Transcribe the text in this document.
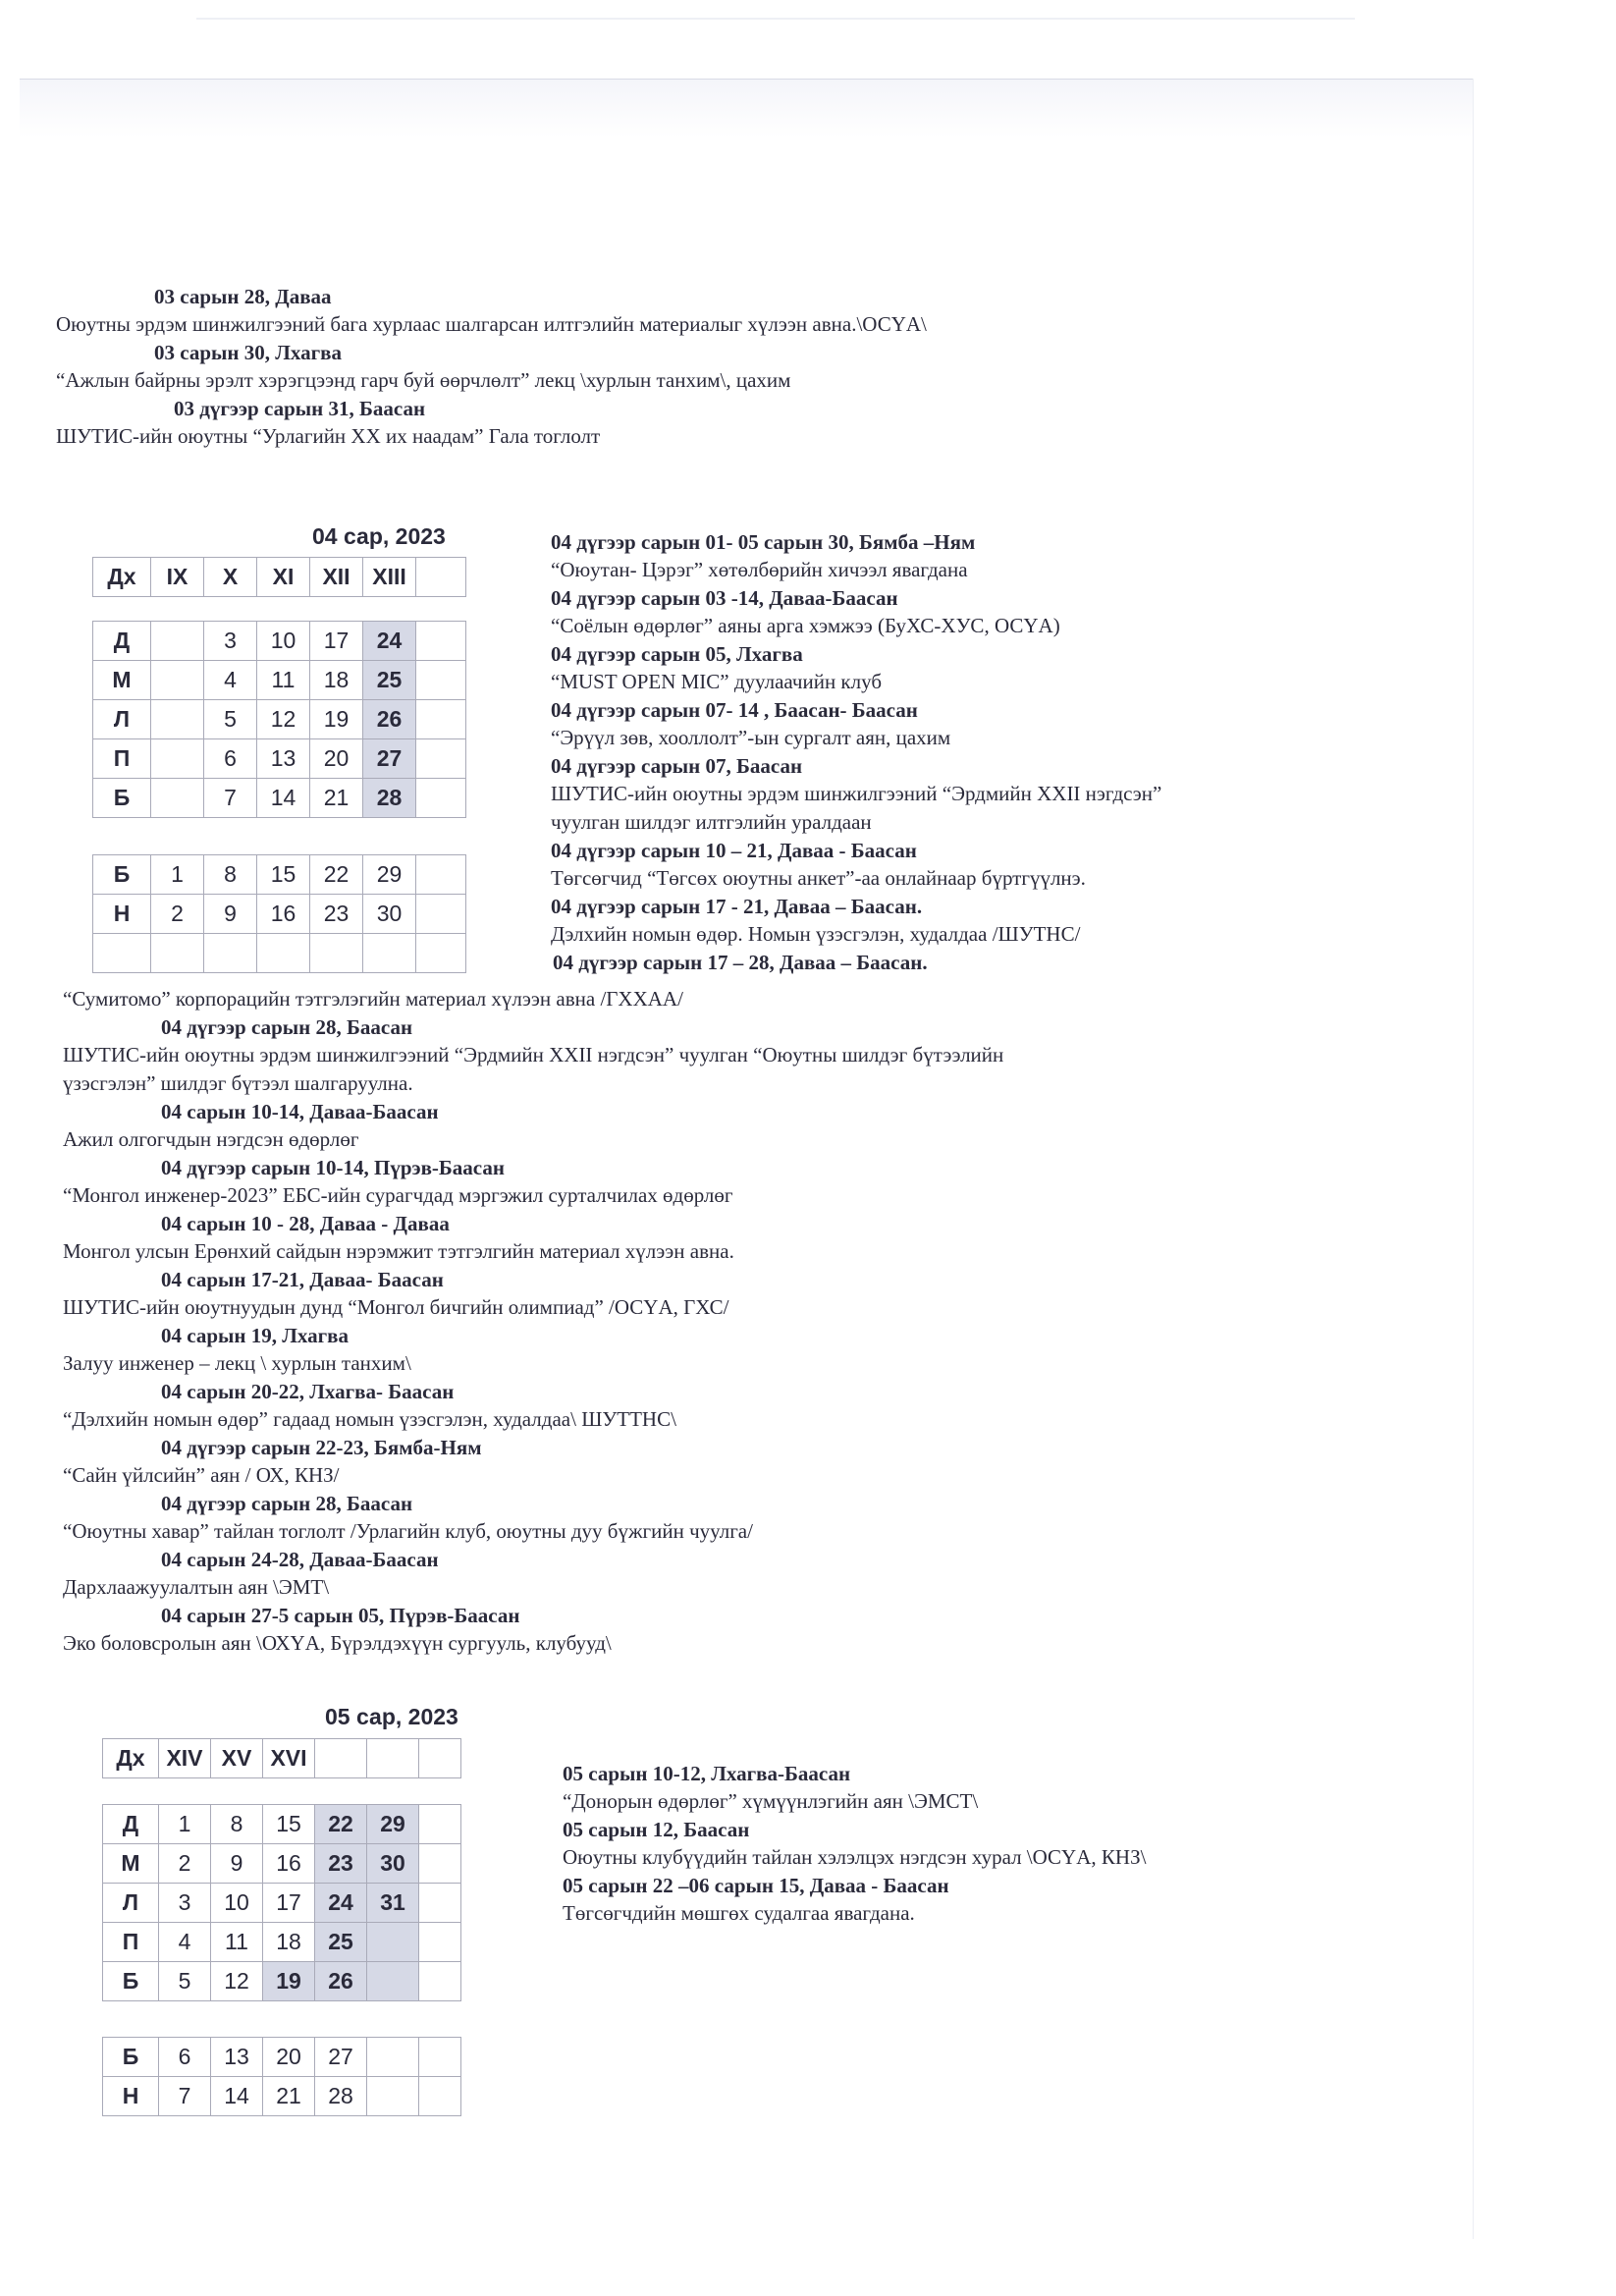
03 сарын 28, Даваа
Оюутны эрдэм шинжилгээний бага хурлаас шалгарсан илтгэлийн материалыг хүлээн авна.\ОСҮА\
03 сарын 30, Лхагва
“Ажлын байрны эрэлт хэрэгцээнд гарч буй өөрчлөлт” лекц \хурлын танхим\, цахим
03 дүгээр сарын 31, Баасан
ШУТИС-ийн оюутны “Урлагийн ХХ их наадам” Гала тоглолт
04 сар, 2023
Дх	IX	X	XI	XII	XIII	
Д		3	10	17	24	
М		4	11	18	25	
Л		5	12	19	26	
П		6	13	20	27	
Б		7	14	21	28	
Б	1	8	15	22	29	
Н	2	9	16	23	30	

04 дүгээр сарын 01- 05 сарын 30, Бямба –Ням
“Оюутан- Цэрэг” хөтөлбөрийн хичээл явагдана
04 дүгээр сарын 03 -14, Даваа-Баасан
“Соёлын өдөрлөг” аяны арга хэмжээ (БуХС-ХУС, ОСҮА)
04 дүгээр сарын 05, Лхагва
“MUST OPEN MIC” дуулаачийн клуб
04 дүгээр сарын 07- 14 , Баасан- Баасан
“Эрүүл зөв, хооллолт”-ын сургалт аян, цахим
04 дүгээр сарын 07, Баасан
ШУТИС-ийн оюутны эрдэм шинжилгээний “Эрдмийн XXII нэгдсэн”
чуулган шилдэг илтгэлийн уралдаан
04 дүгээр сарын 10 – 21, Даваа - Баасан
Төгсөгчид “Төгсөх оюутны анкет”-аа онлайнаар бүртгүүлнэ.
04 дүгээр сарын 17 - 21, Даваа – Баасан.
Дэлхийн номын өдөр. Номын үзэсгэлэн, худалдаа /ШУТНС/
04 дүгээр сарын 17 – 28, Даваа – Баасан.
“Сумитомо” корпорацийн тэтгэлэгийн материал хүлээн авна /ГХХАА/
04 дүгээр сарын 28, Баасан
ШУТИС-ийн оюутны эрдэм шинжилгээний “Эрдмийн XXII нэгдсэн” чуулган “Оюутны шилдэг бүтээлийн
үзэсгэлэн” шилдэг бүтээл шалгаруулна.
04 сарын 10-14, Даваа-Баасан
Ажил олгогчдын нэгдсэн өдөрлөг
04 дүгээр сарын 10-14, Пүрэв-Баасан
“Монгол инженер-2023” ЕБС-ийн сурагчдад мэргэжил сурталчилах өдөрлөг
04 сарын 10 - 28, Даваа - Даваа
Монгол улсын Ерөнхий сайдын нэрэмжит тэтгэлгийн материал хүлээн авна.
04 сарын 17-21, Даваа- Баасан
ШУТИС-ийн оюутнуудын дунд “Монгол бичгийн олимпиад” /ОСҮА, ГХС/
04 сарын 19, Лхагва
Залуу инженер – лекц \ хурлын танхим\
04 сарын 20-22, Лхагва- Баасан
“Дэлхийн номын өдөр” гадаад номын үзэсгэлэн, худалдаа\ ШУТТНС\
04 дүгээр сарын 22-23, Бямба-Ням
“Сайн үйлсийн” аян / ОХ, КНЗ/
04 дүгээр сарын 28, Баасан
“Оюутны хавар” тайлан тоглолт /Урлагийн клуб, оюутны дуу бүжгийн чуулга/
04 сарын 24-28, Даваа-Баасан
Дархлаажуулалтын аян \ЭМТ\
04 сарын 27-5 сарын 05, Пүрэв-Баасан
Эко боловсролын аян \ОХҮА, Бүрэлдэхүүн сургууль, клубууд\
05 сар, 2023
Дх	XIV	XV	XVI			
Д	1	8	15	22	29	
М	2	9	16	23	30	
Л	3	10	17	24	31	
П	4	11	18	25		
Б	5	12	19	26		
Б	6	13	20	27		
Н	7	14	21	28		
05 сарын 10-12, Лхагва-Баасан
“Донорын өдөрлөг” хүмүүнлэгийн аян \ЭМСТ\
05 сарын 12, Баасан
Оюутны клубүүдийн тайлан хэлэлцэх нэгдсэн хурал \ОСҮА, КНЗ\
05 сарын 22 –06 сарын 15, Даваа - Баасан
Төгсөгчдийн мөшгөх судалгаа явагдана.
